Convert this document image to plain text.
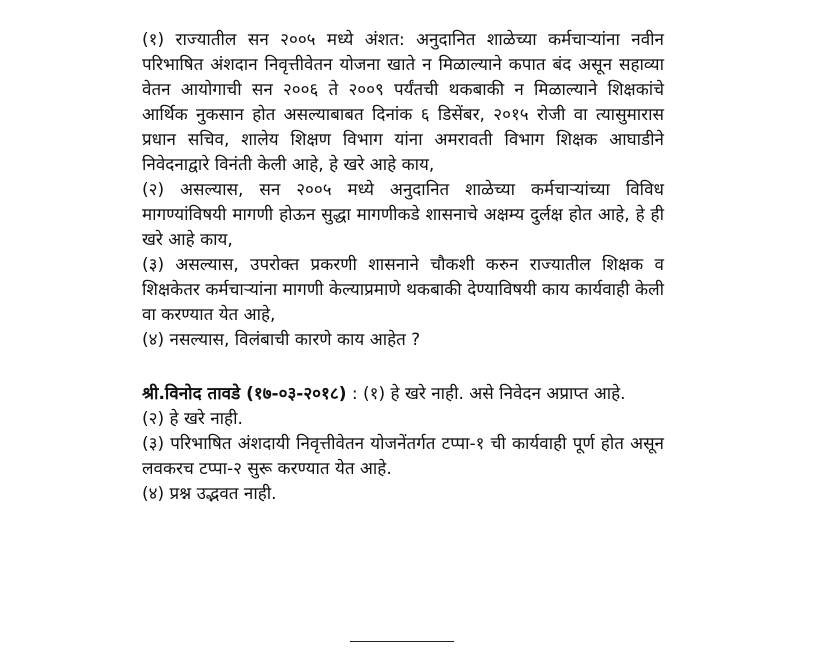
(१) राज्यातील सन २००५ मध्ये अंशत: अनुदानित शाळेच्या कर्मचाऱ्यांना नवीन परिभाषित अंशदान निवृत्तीवेतन योजना खाते न मिळाल्याने कपात बंद असून सहाव्या वेतन आयोगाची सन २००६ ते २००९ पर्यंतची थकबाकी न मिळाल्याने शिक्षकांचे आर्थिक नुकसान होत असल्याबाबत दिनांक ६ डिसेंबर, २०१५ रोजी वा त्यासुमारास प्रधान सचिव, शालेय शिक्षण विभाग यांना अमरावती विभाग शिक्षक आघाडीने निवेदनाद्वारे विनंती केली आहे, हे खरे आहे काय,

(२) असल्यास, सन २००५ मध्ये अनुदानित शाळेच्या कर्मचाऱ्यांच्या विविध मागण्यांविषयी मागणी होऊन सुद्धा मागणीकडे शासनाचे अक्षम्य दुर्लक्ष होत आहे, हे ही खरे आहे काय,

(३) असल्यास, उपरोक्त प्रकरणी शासनाने चौकशी करुन राज्यातील शिक्षक व शिक्षकेतर कर्मचाऱ्यांना मागणी केल्याप्रमाणे थकबाकी देण्याविषयी काय कार्यवाही केली वा करण्यात येत आहे,

(४) नसल्यास, विलंबाची कारणे काय आहेत ?

श्री.विनोद तावडे (१७-०३-२०१८) : (१) हे खरे नाही. असे निवेदन अप्राप्त आहे.

(२) हे खरे नाही.

(३) परिभाषित अंशदायी निवृत्तीवेतन योजनेंतर्गत टप्पा-१ ची कार्यवाही पूर्ण होत असून लवकरच टप्पा-२ सुरू करण्यात येत आहे.

(४) प्रश्न उद्भवत नाही.
